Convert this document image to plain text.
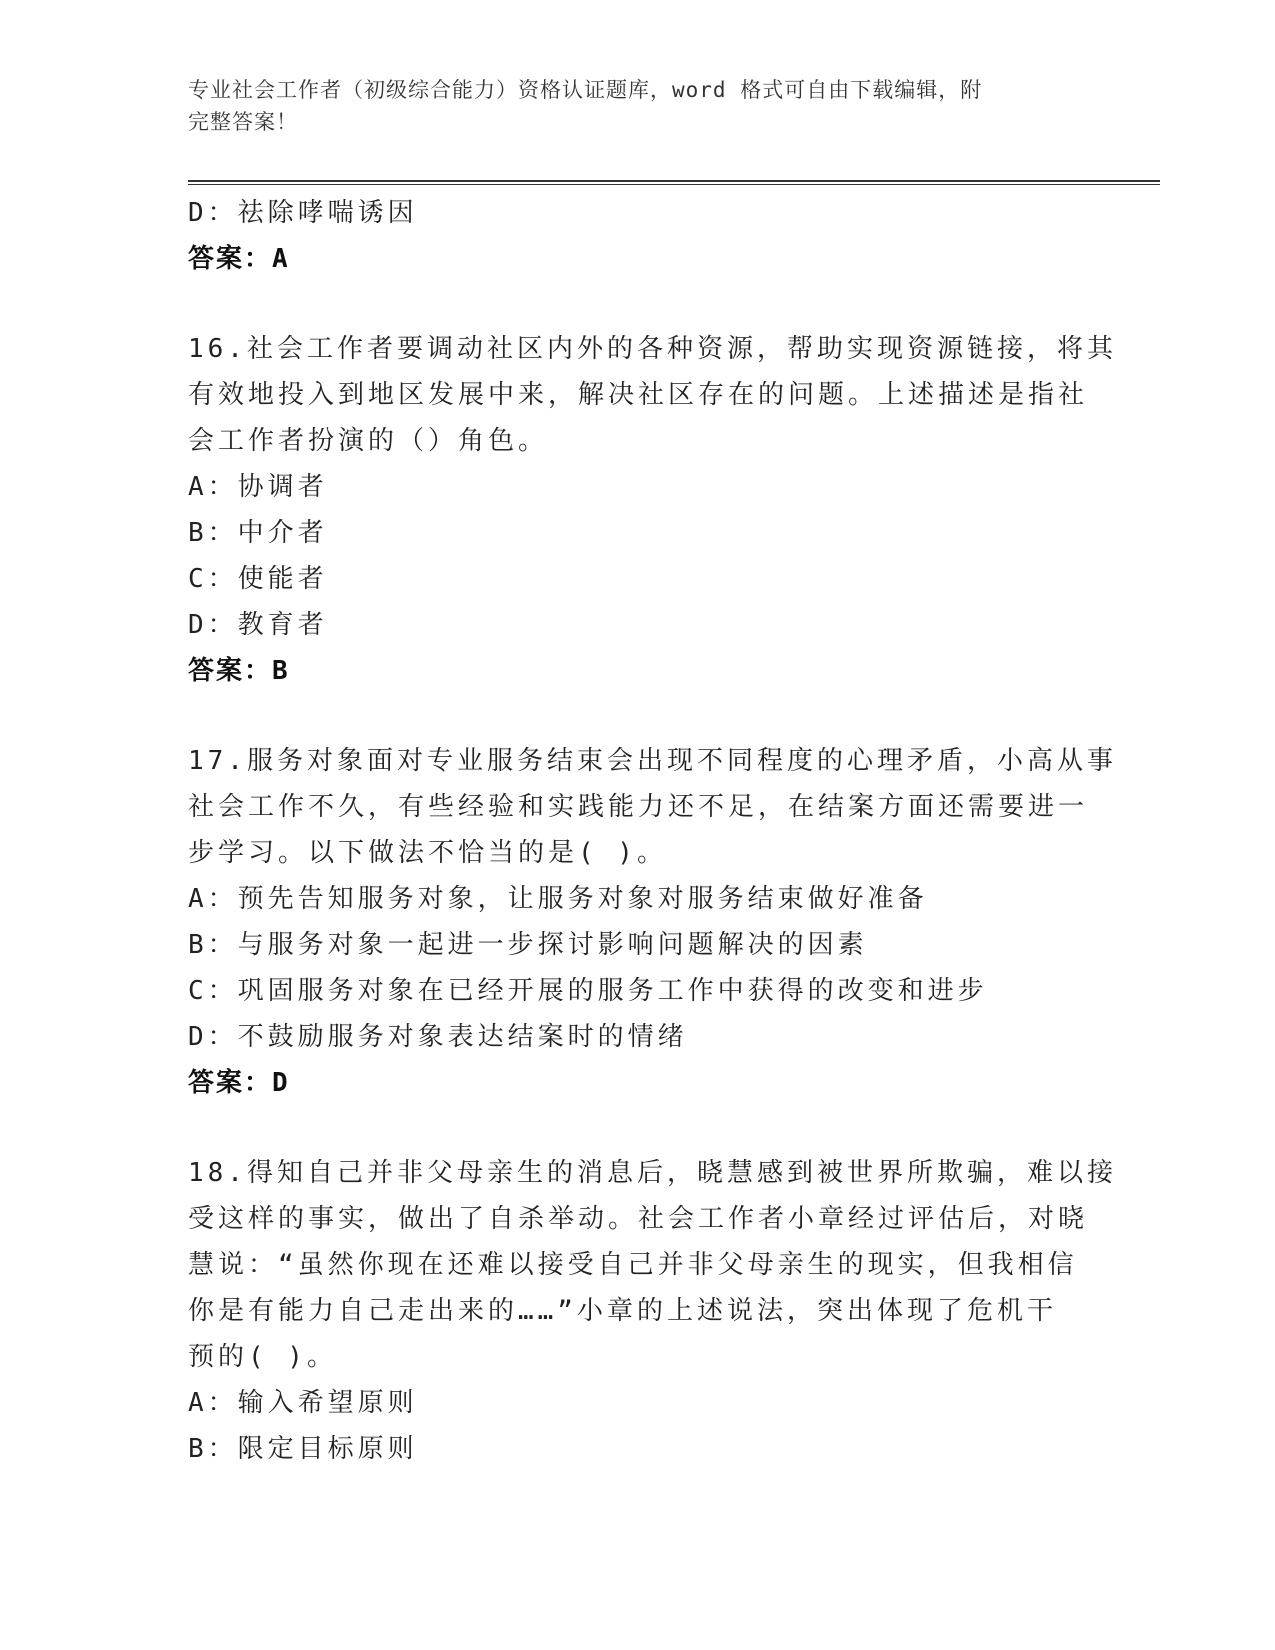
专业社会工作者（初级综合能力）资格认证题库，word 格式可自由下载编辑，附
完整答案！
D：祛除哮喘诱因
答案：A
16.社会工作者要调动社区内外的各种资源，帮助实现资源链接，将其
有效地投入到地区发展中来，解决社区存在的问题。上述描述是指社
会工作者扮演的（）角色。
A：协调者
B：中介者
C：使能者
D：教育者
答案：B
17.服务对象面对专业服务结束会出现不同程度的心理矛盾，小高从事
社会工作不久，有些经验和实践能力还不足，在结案方面还需要进一
步学习。以下做法不恰当的是( )。
A：预先告知服务对象，让服务对象对服务结束做好准备
B：与服务对象一起进一步探讨影响问题解决的因素
C：巩固服务对象在已经开展的服务工作中获得的改变和进步
D：不鼓励服务对象表达结案时的情绪
答案：D
18.得知自己并非父母亲生的消息后，晓慧感到被世界所欺骗，难以接
受这样的事实，做出了自杀举动。社会工作者小章经过评估后，对晓
慧说：“虽然你现在还难以接受自己并非父母亲生的现实，但我相信
你是有能力自己走出来的……”小章的上述说法，突出体现了危机干
预的( )。
A：输入希望原则
B：限定目标原则
